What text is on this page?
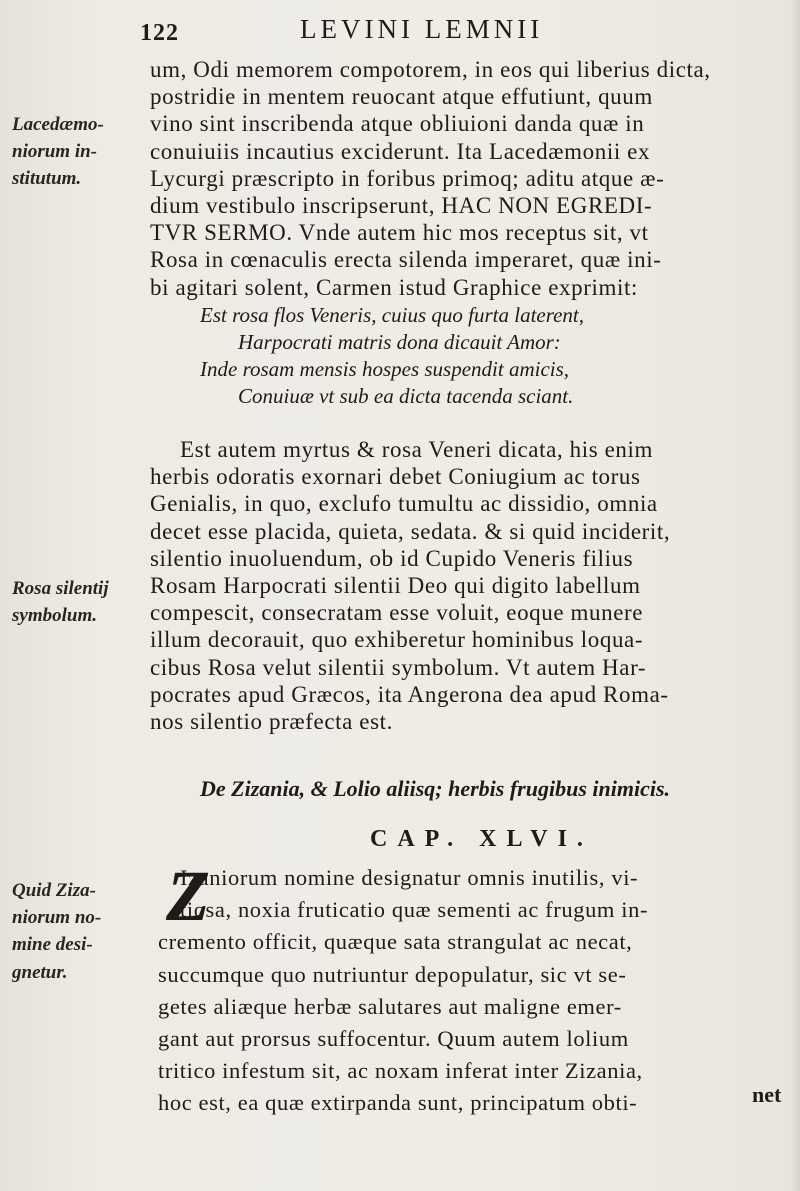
122	LEVINI LEMNII
Lacedæmo-
niorum in-
stitutum.
um, Odi memorem compotorem, in eos qui liberius dicta,
postridie in mentem reuocant atque effutiunt, quum
vino sint inscribenda atque obliuioni danda quæ in
conuiuiis incautius exciderunt. Ita Lacedæmonii ex
Lycurgi præscripto in foribus primoq; aditu atque æ-
dium vestibulo inscripserunt, HAC NON EGREDI-
TVR SERMO. Vnde autem hic mos receptus sit, vt
Rosa in cœnaculis erecta silenda imperaret, quæ ini-
bi agitari solent, Carmen istud Graphice exprimit:
Est rosa flos Veneris, cuius quo furta laterent,
Harpocrati matris dona dicauit Amor:
Inde rosam mensis hospes suspendit amicis,
Conuiuæ vt sub ea dicta tacenda sciant.
Rosa silentij
symbolum.
Est autem myrtus & rosa Veneri dicata, his enim
herbis odoratis exornari debet Coniugium ac torus
Genialis, in quo, exclufo tumultu ac dissidio, omnia
decet esse placida, quieta, sedata. & si quid inciderit,
silentio inuoluendum, ob id Cupido Veneris filius
Rosam Harpocrati silentii Deo qui digito labellum
compescit, consecratam esse voluit, eoque munere
illum decorauit, quo exhiberetur hominibus loqua-
cibus Rosa velut silentii symbolum. Vt autem Har-
pocrates apud Græcos, ita Angerona dea apud Roma-
nos silentio præfecta est.
De Zizania, & Lolio aliisq; herbis frugibus inimicis.
CAP. XLVI.
Quid Ziza-
niorum no-
mine desi-
gnetur.
Z
Izaniorum nomine designatur omnis inutilis, vi-
tiosa, noxia fruticatio quæ sementi ac frugum in-
cremento officit, quæque sata strangulat ac necat,
succumque quo nutriuntur depopulatur, sic vt se-
getes aliæque herbæ salutares aut maligne emer-
gant aut prorsus suffocentur. Quum autem lolium
tritico infestum sit, ac noxam inferat inter Zizania,
hoc est, ea quæ extirpanda sunt, principatum obti-	net
